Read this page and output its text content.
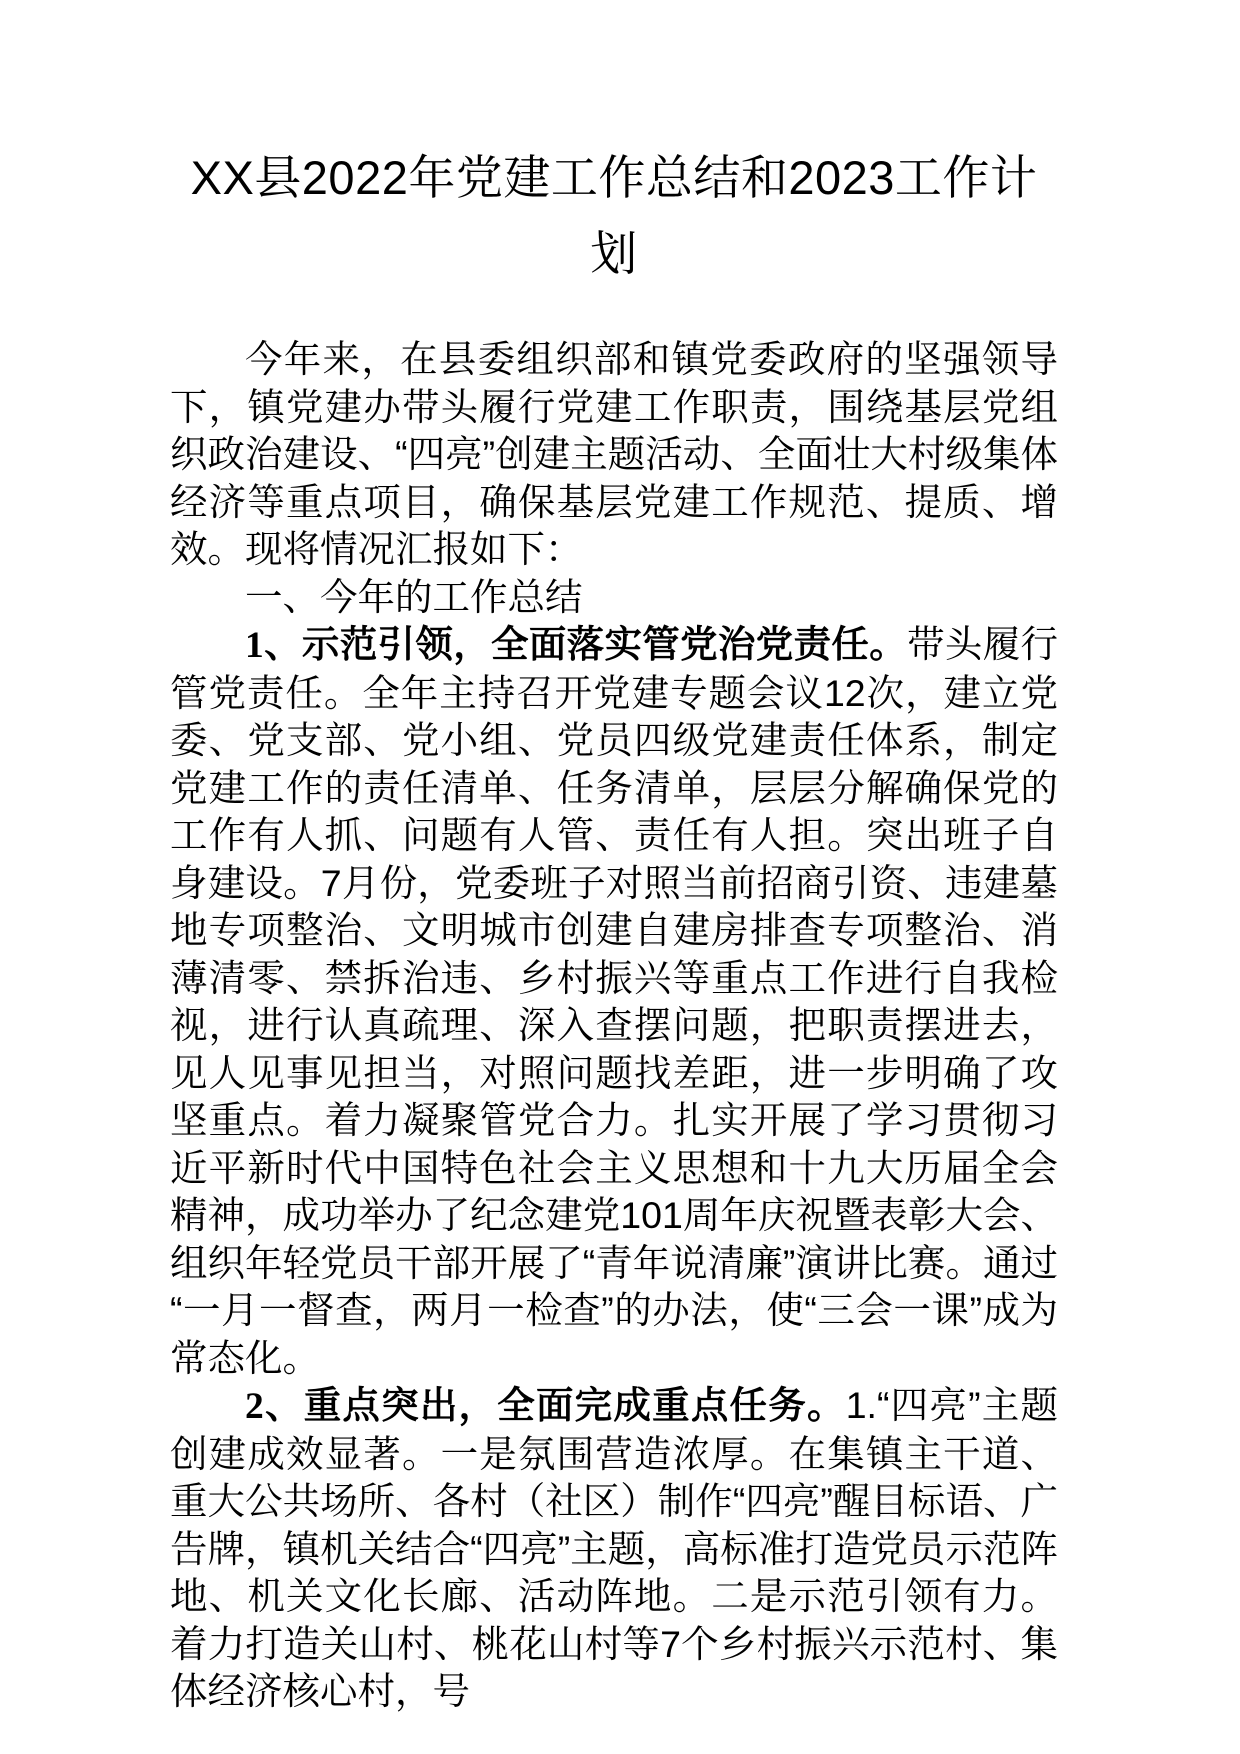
XX县2022年党建工作总结和2023工作计划

今年来，在县委组织部和镇党委政府的坚强领导下，镇党建办带头履行党建工作职责，围绕基层党组织政治建设、“四亮”创建主题活动、全面壮大村级集体经济等重点项目，确保基层党建工作规范、提质、增效。现将情况汇报如下：

一、今年的工作总结

1、示范引领，全面落实管党治党责任。带头履行管党责任。全年主持召开党建专题会议12次，建立党委、党支部、党小组、党员四级党建责任体系，制定党建工作的责任清单、任务清单，层层分解确保党的工作有人抓、问题有人管、责任有人担。突出班子自身建设。7月份，党委班子对照当前招商引资、违建墓地专项整治、文明城市创建自建房排查专项整治、消薄清零、禁拆治违、乡村振兴等重点工作进行自我检视，进行认真疏理、深入查摆问题，把职责摆进去，见人见事见担当，对照问题找差距，进一步明确了攻坚重点。着力凝聚管党合力。扎实开展了学习贯彻习近平新时代中国特色社会主义思想和十九大历届全会精神，成功举办了纪念建党101周年庆祝暨表彰大会、组织年轻党员干部开展了“青年说清廉”演讲比赛。通过“一月一督查，两月一检查”的办法，使“三会一课”成为常态化。

2、重点突出，全面完成重点任务。1.“四亮”主题创建成效显著。一是氛围营造浓厚。在集镇主干道、重大公共场所、各村（社区）制作“四亮”醒目标语、广告牌，镇机关结合“四亮”主题，高标准打造党员示范阵地、机关文化长廊、活动阵地。二是示范引领有力。着力打造关山村、桃花山村等7个乡村振兴示范村、集体经济核心村，号
